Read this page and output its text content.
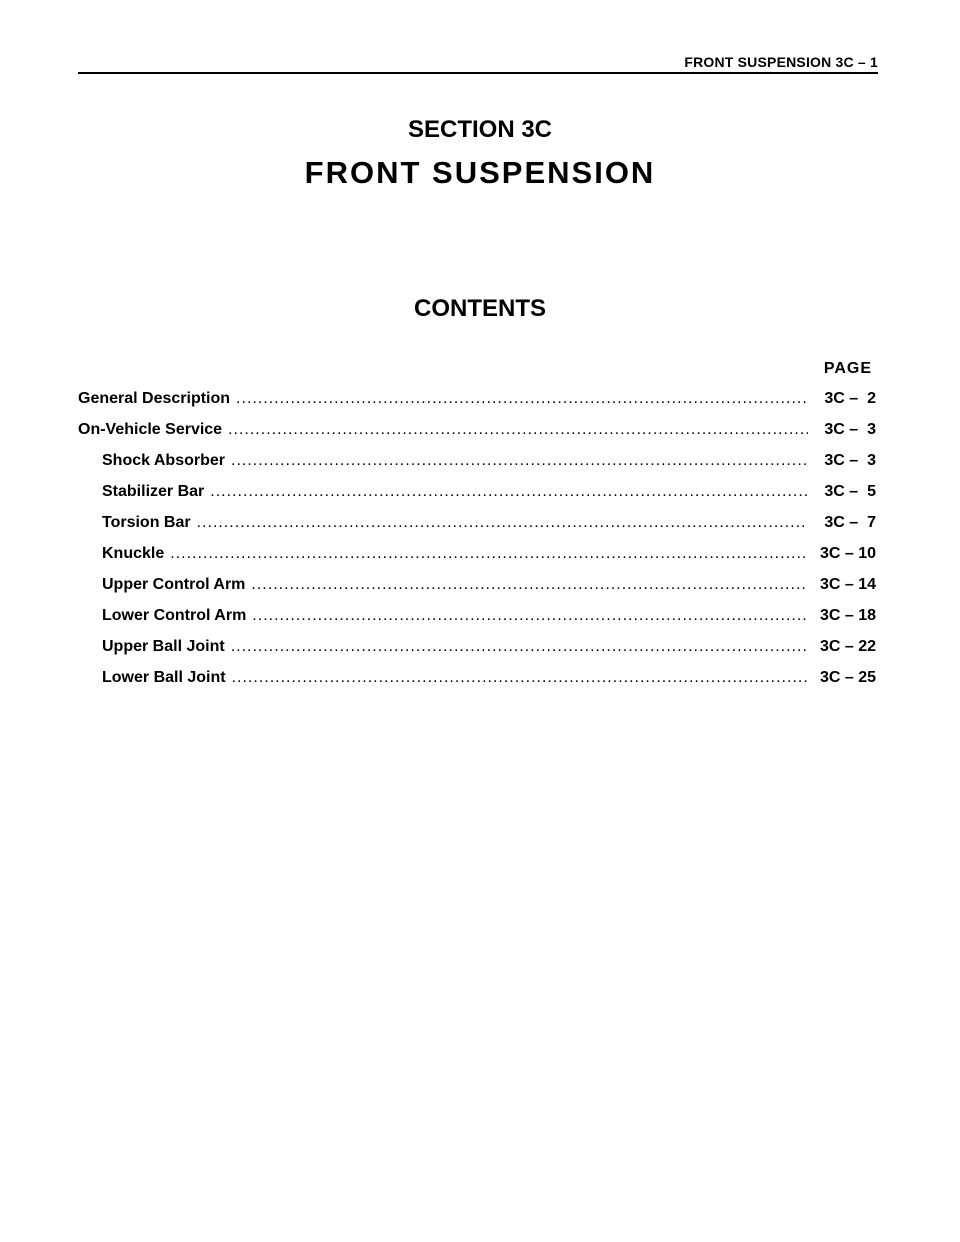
FRONT SUSPENSION 3C – 1
SECTION 3C
FRONT SUSPENSION
CONTENTS
PAGE
General Description .....	3C –  2
On-Vehicle Service .....	3C –  3
Shock Absorber .....	3C –  3
Stabilizer Bar .....	3C –  5
Torsion Bar .....	3C –  7
Knuckle .....	3C – 10
Upper Control Arm .....	3C – 14
Lower Control Arm .....	3C – 18
Upper Ball Joint .....	3C – 22
Lower Ball Joint .....	3C – 25
